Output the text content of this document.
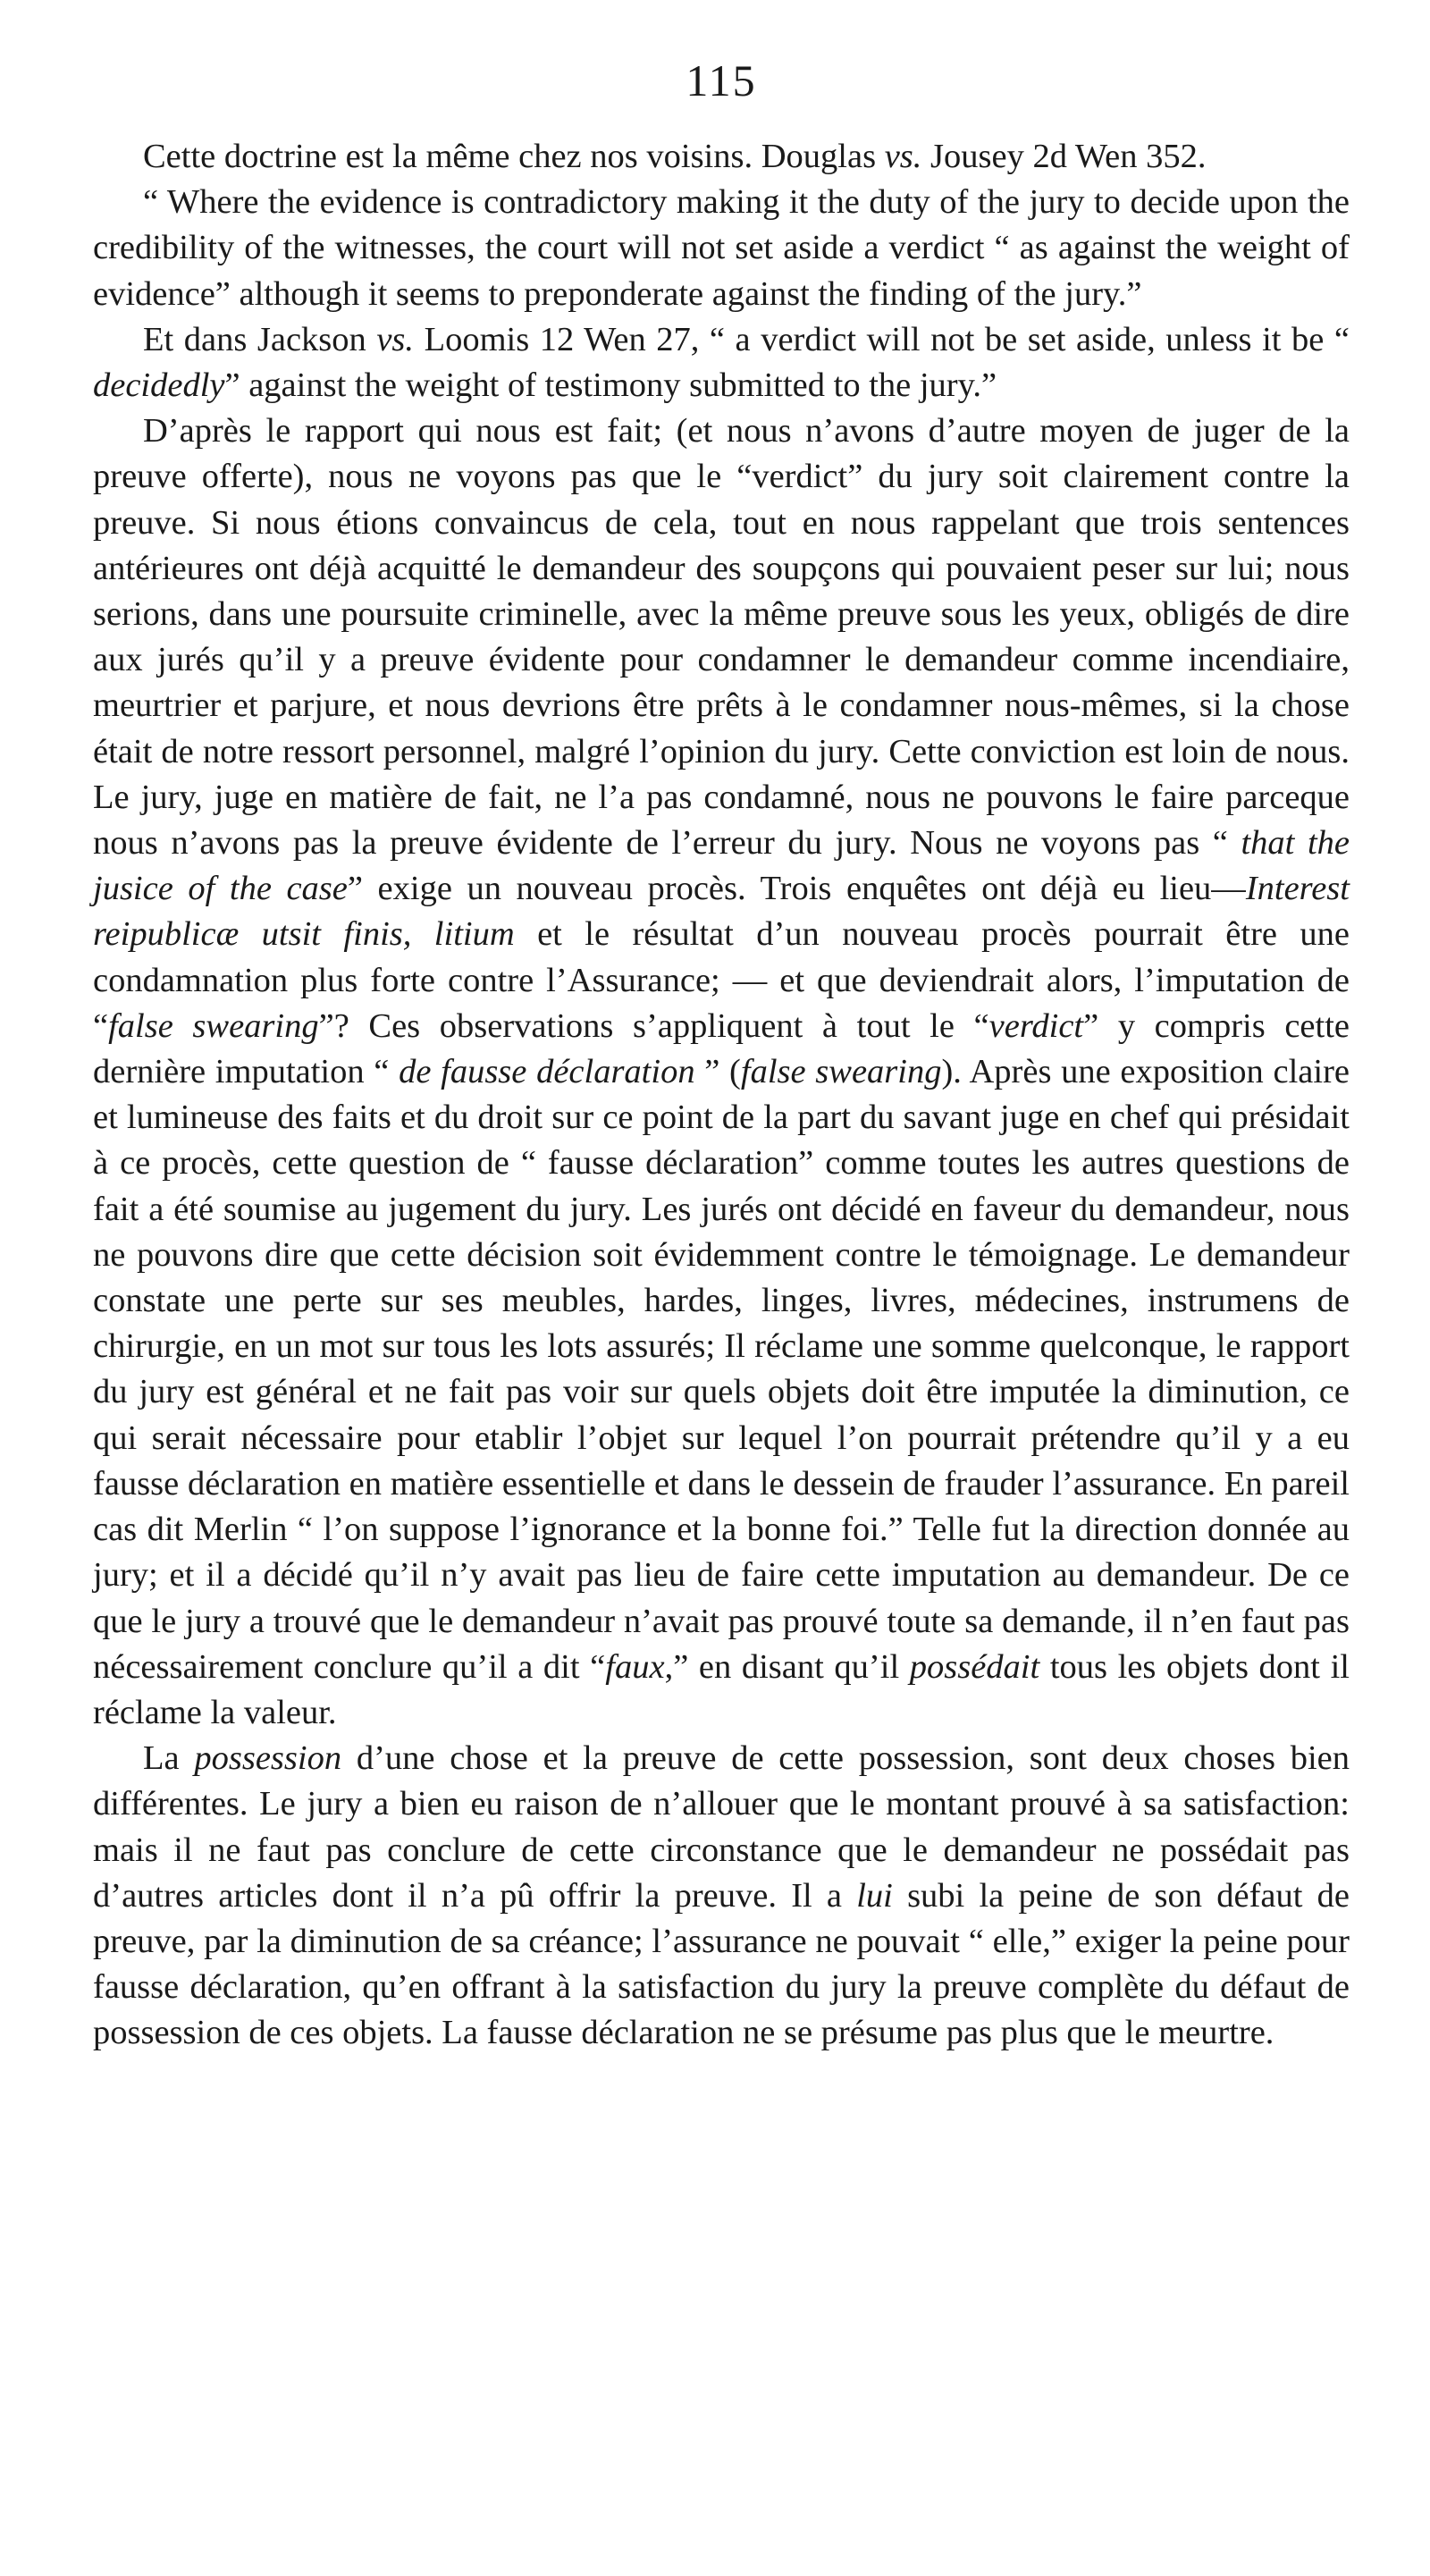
115

Cette doctrine est la même chez nos voisins. Douglas vs. Jousey 2d Wen 352.

“ Where the evidence is contradictory making it the duty of the jury to decide upon the credibility of the witnesses, the court will not set aside a verdict “ as against the weight of evidence” although it seems to preponderate against the finding of the jury.”

Et dans Jackson vs. Loomis 12 Wen 27, “ a verdict will not be set aside, unless it be “ decidedly” against the weight of testimony submitted to the jury.”

D’après le rapport qui nous est fait; (et nous n’avons d’autre moyen de juger de la preuve offerte), nous ne voyons pas que le “verdict” du jury soit clairement contre la preuve. Si nous étions convaincus de cela, tout en nous rappelant que trois sentences antérieures ont déjà acquitté le demandeur des soupçons qui pouvaient peser sur lui; nous serions, dans une poursuite criminelle, avec la même preuve sous les yeux, obligés de dire aux jurés qu’il y a preuve évidente pour condamner le demandeur comme incendiaire, meurtrier et parjure, et nous devrions être prêts à le condamner nous-mêmes, si la chose était de notre ressort personnel, malgré l’opinion du jury. Cette conviction est loin de nous. Le jury, juge en matière de fait, ne l’a pas condamné, nous ne pouvons le faire parceque nous n’avons pas la preuve évidente de l’erreur du jury. Nous ne voyons pas “ that the jusice of the case” exige un nouveau procès. Trois enquêtes ont déjà eu lieu—Interest reipublicæ utsit finis, litium et le résultat d’un nouveau procès pourrait être une condamnation plus forte contre l’Assurance; — et que deviendrait alors, l’imputation de “false swearing”? Ces observations s’appliquent à tout le “verdict” y compris cette dernière imputation “ de fausse déclaration ” (false swearing). Après une exposition claire et lumineuse des faits et du droit sur ce point de la part du savant juge en chef qui présidait à ce procès, cette question de “ fausse déclaration” comme toutes les autres questions de fait a été soumise au jugement du jury. Les jurés ont décidé en faveur du demandeur, nous ne pouvons dire que cette décision soit évidemment contre le témoignage. Le demandeur constate une perte sur ses meubles, hardes, linges, livres, médecines, instrumens de chirurgie, en un mot sur tous les lots assurés; Il réclame une somme quelconque, le rapport du jury est général et ne fait pas voir sur quels objets doit être imputée la diminution, ce qui serait nécessaire pour etablir l’objet sur lequel l’on pourrait prétendre qu’il y a eu fausse déclaration en matière essentielle et dans le dessein de frauder l’assurance. En pareil cas dit Merlin “ l’on suppose l’ignorance et la bonne foi.” Telle fut la direction donnée au jury; et il a décidé qu’il n’y avait pas lieu de faire cette imputation au demandeur. De ce que le jury a trouvé que le demandeur n’avait pas prouvé toute sa demande, il n’en faut pas nécessairement conclure qu’il a dit “faux,” en disant qu’il possédait tous les objets dont il réclame la valeur.

La possession d’une chose et la preuve de cette possession, sont deux choses bien différentes. Le jury a bien eu raison de n’allouer que le montant prouvé à sa satisfaction: mais il ne faut pas conclure de cette circonstance que le demandeur ne possédait pas d’autres articles dont il n’a pû offrir la preuve. Il a lui subi la peine de son défaut de preuve, par la diminution de sa créance; l’assurance ne pouvait “ elle,” exiger la peine pour fausse déclaration, qu’en offrant à la satisfaction du jury la preuve complète du défaut de possession de ces objets. La fausse déclaration ne se présume pas plus que le meurtre.
